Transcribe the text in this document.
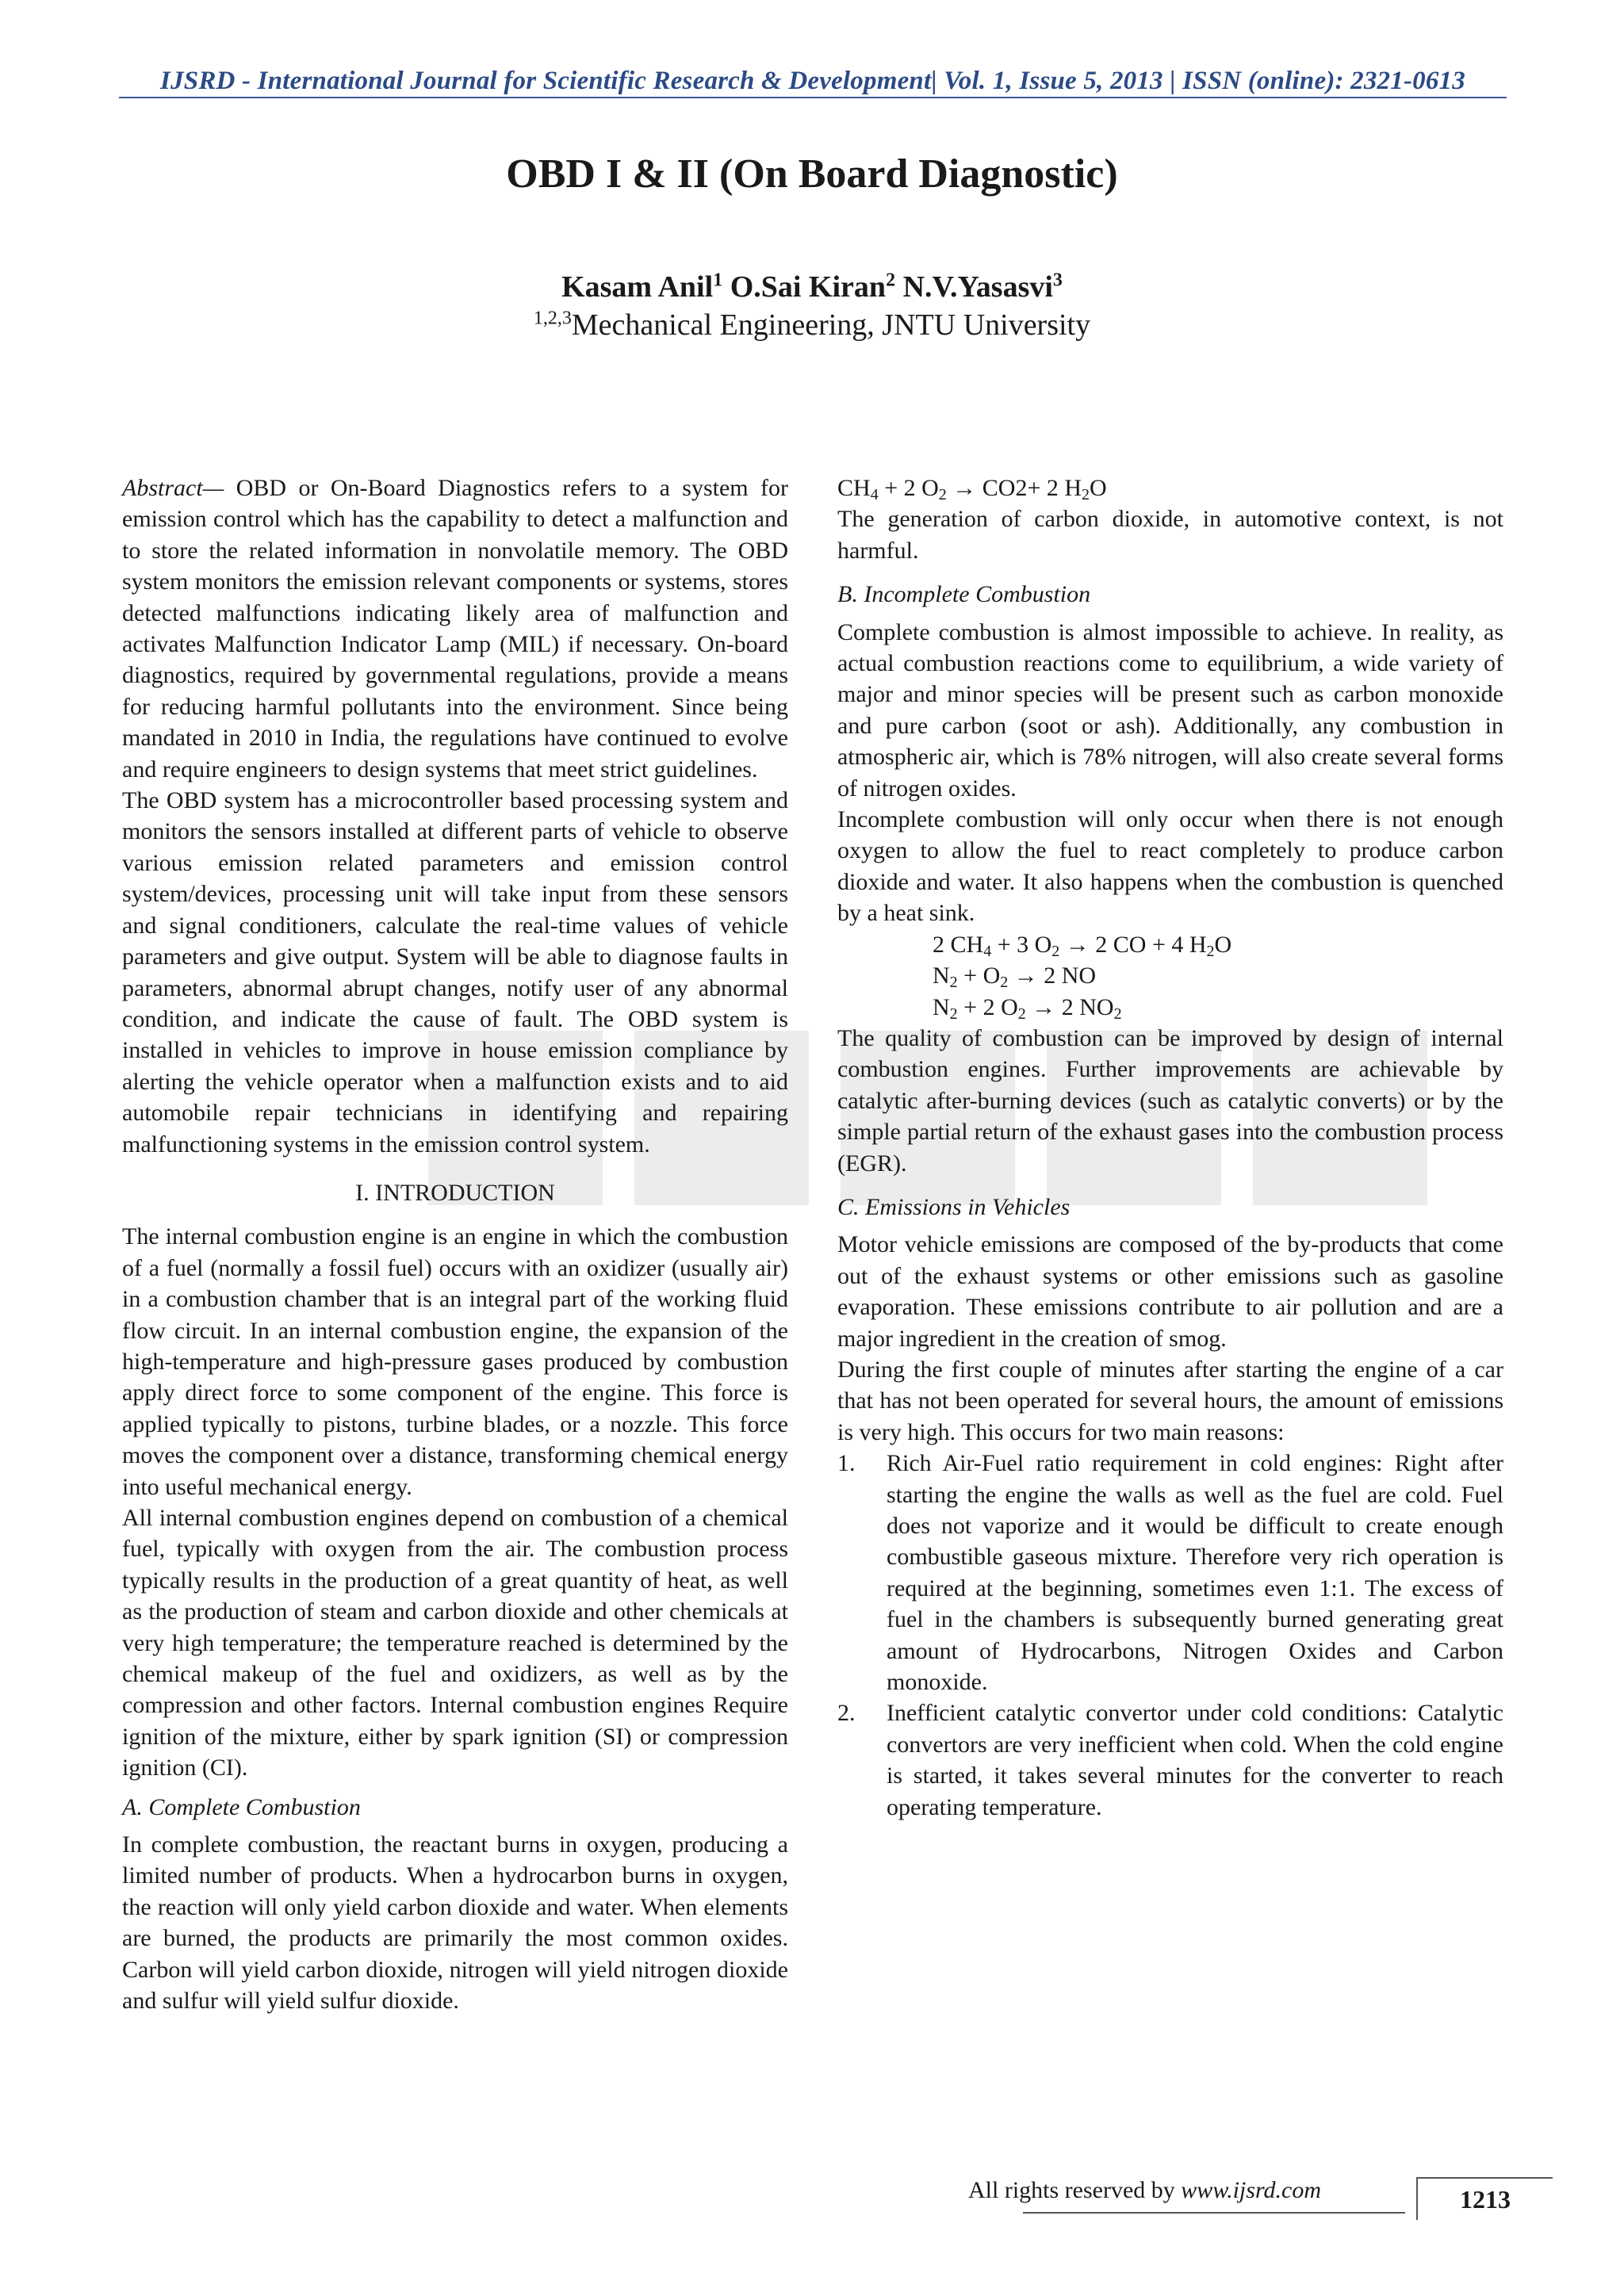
IJSRD - International Journal for Scientific Research & Development| Vol. 1, Issue 5, 2013 | ISSN (online): 2321-0613
OBD I & II (On Board Diagnostic)
Kasam Anil$^1$ O.Sai Kiran$^2$ N.V.Yasasvi$^3$
$^{1,2,3}$Mechanical Engineering, JNTU University

Abstract— OBD or On-Board Diagnostics refers to a system for emission control which has the capability to detect a malfunction and to store the related information in nonvolatile memory. The OBD system monitors the emission relevant components or systems, stores detected malfunctions indicating likely area of malfunction and activates Malfunction Indicator Lamp (MIL) if necessary. On-board diagnostics, required by governmental regulations, provide a means for reducing harmful pollutants into the environment. Since being mandated in 2010 in India, the regulations have continued to evolve and require engineers to design systems that meet strict guidelines.

The OBD system has a microcontroller based processing system and monitors the sensors installed at different parts of vehicle to observe various emission related parameters and emission control system/devices, processing unit will take input from these sensors and signal conditioners, calculate the real-time values of vehicle parameters and give output. System will be able to diagnose faults in parameters, abnormal abrupt changes, notify user of any abnormal condition, and indicate the cause of fault. The OBD system is installed in vehicles to improve in house emission compliance by alerting the vehicle operator when a malfunction exists and to aid automobile repair technicians in identifying and repairing malfunctioning systems in the emission control system.

I. INTRODUCTION

The internal combustion engine is an engine in which the combustion of a fuel (normally a fossil fuel) occurs with an oxidizer (usually air) in a combustion chamber that is an integral part of the working fluid flow circuit. In an internal combustion engine, the expansion of the high-temperature and high-pressure gases produced by combustion apply direct force to some component of the engine. This force is applied typically to pistons, turbine blades, or a nozzle. This force moves the component over a distance, transforming chemical energy into useful mechanical energy.

All internal combustion engines depend on combustion of a chemical fuel, typically with oxygen from the air. The combustion process typically results in the production of a great quantity of heat, as well as the production of steam and carbon dioxide and other chemicals at very high temperature; the temperature reached is determined by the chemical makeup of the fuel and oxidizers, as well as by the compression and other factors. Internal combustion engines Require ignition of the mixture, either by spark ignition (SI) or compression ignition (CI).

A. Complete Combustion

In complete combustion, the reactant burns in oxygen, producing a limited number of products. When a hydrocarbon burns in oxygen, the reaction will only yield carbon dioxide and water. When elements are burned, the products are primarily the most common oxides. Carbon will yield carbon dioxide, nitrogen will yield nitrogen dioxide and sulfur will yield sulfur dioxide.

$CH_4 + 2$ $O_2 \to CO2+ 2$ $H_2O$

The generation of carbon dioxide, in automotive context, is not harmful.

B. Incomplete Combustion

Complete combustion is almost impossible to achieve. In reality, as actual combustion reactions come to equilibrium, a wide variety of major and minor species will be present such as carbon monoxide and pure carbon (soot or ash). Additionally, any combustion in atmospheric air, which is 78% nitrogen, will also create several forms of nitrogen oxides.

Incomplete combustion will only occur when there is not enough oxygen to allow the fuel to react completely to produce carbon dioxide and water. It also happens when the combustion is quenched by a heat sink.

2 $CH_4 + 3$ $O_2 \to 2$ CO + 4 $H_2O$

$N_2 + O_2 \to 2$ NO

$N_2 + 2$ $O_2 \to 2$ $NO_2$

The quality of combustion can be improved by design of internal combustion engines. Further improvements are achievable by catalytic after-burning devices (such as catalytic converts) or by the simple partial return of the exhaust gases into the combustion process (EGR).

C. Emissions in Vehicles

Motor vehicle emissions are composed of the by-products that come out of the exhaust systems or other emissions such as gasoline evaporation. These emissions contribute to air pollution and are a major ingredient in the creation of smog.

During the first couple of minutes after starting the engine of a car that has not been operated for several hours, the amount of emissions is very high. This occurs for two main reasons:

1. Rich Air-Fuel ratio requirement in cold engines: Right after starting the engine the walls as well as the fuel are cold. Fuel does not vaporize and it would be difficult to create enough combustible gaseous mixture. Therefore very rich operation is required at the beginning, sometimes even 1:1. The excess of fuel in the chambers is subsequently burned generating great amount of Hydrocarbons, Nitrogen Oxides and Carbon monoxide.
2. Inefficient catalytic convertor under cold conditions: Catalytic convertors are very inefficient when cold. When the cold engine is started, it takes several minutes for the converter to reach operating temperature.
All rights reserved by www.ijsrd.com	1213
